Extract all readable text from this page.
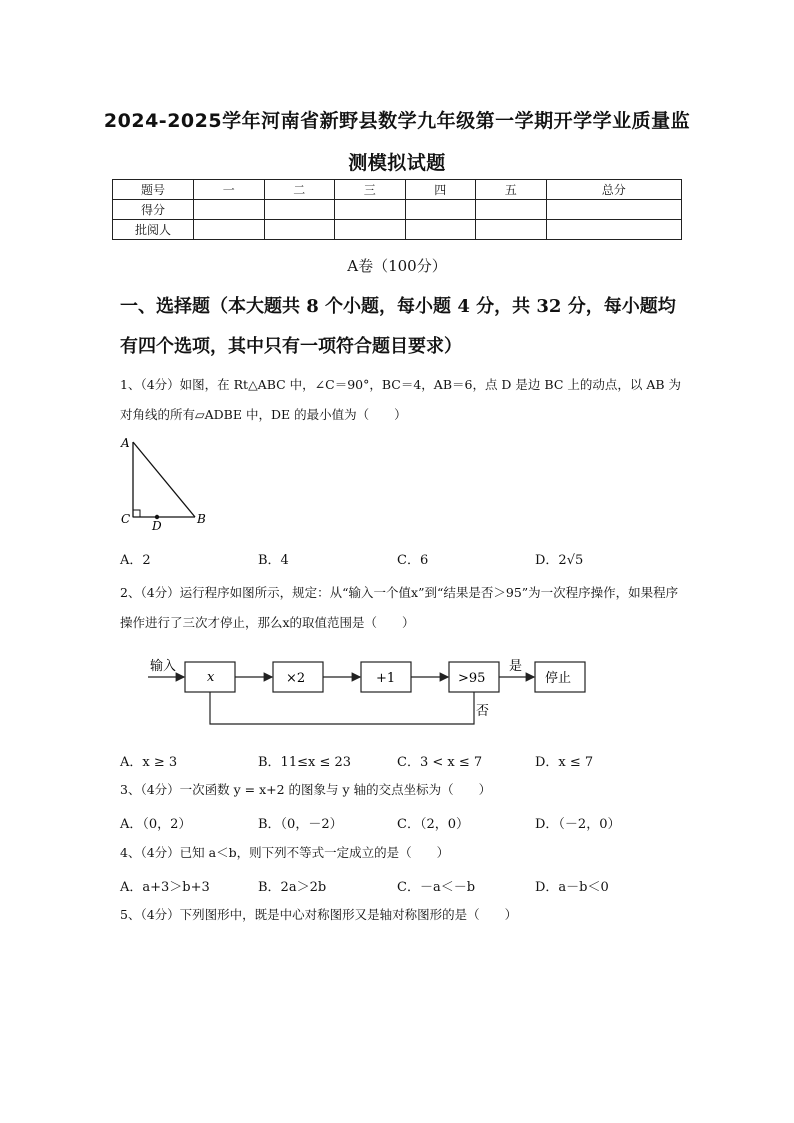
2024-2025学年河南省新野县数学九年级第一学期开学学业质量监
测模拟试题
题号	一	二	三	四	五	总分
得分						
批阅人						
A卷（100分）
一、选择题（本大题共 8 个小题，每小题 4 分，共 32 分，每小题均有四个选项，其中只有一项符合题目要求）
1、（4分）如图，在 Rt△ABC 中，∠C＝90°，BC＝4，AB＝6，点 D 是边 BC 上的动点，以 AB 为对角线的所有▱ADBE 中，DE 的最小值为（　　）
A
C D	B
A．2	B．4	C．6	D．2√5
2、（4分）运行程序如图所示，规定：从“输入一个值x”到“结果是否＞95”为一次程序操作，如果程序操作进行了三次才停止，那么x的取值范围是（　　）
输入
x	×2	+1	>95
是
停止
否
A．x ≥ 3	B．11≤x ≤ 23	C．3 < x ≤ 7	D．x ≤ 7
3、（4分）一次函数 y = x+2 的图象与 y 轴的交点坐标为（　　）
A．（0，2）	B．（0，－2）	C．（2，0）	D．（－2，0）
4、（4分）已知 a＜b，则下列不等式一定成立的是（　　）
A．a+3＞b+3	B．2a＞2b	C．－a＜－b	D．a－b＜0
5、（4分）下列图形中，既是中心对称图形又是轴对称图形的是（　　）
